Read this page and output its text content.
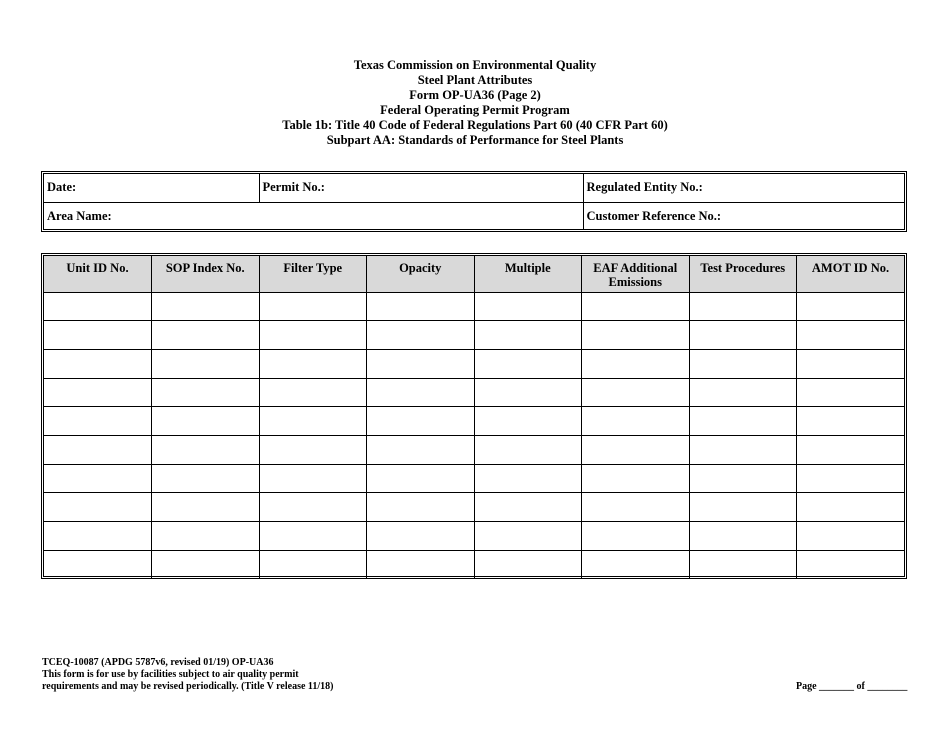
Texas Commission on Environmental Quality
Steel Plant Attributes
Form OP-UA36 (Page 2)
Federal Operating Permit Program
Table 1b: Title 40 Code of Federal Regulations Part 60 (40 CFR Part 60)
Subpart AA: Standards of Performance for Steel Plants
Date:	Permit No.:	Regulated Entity No.:
Area Name:		Customer Reference No.:
Unit ID No.	SOP Index No.	Filter Type	Opacity	Multiple	EAF Additional Emissions	Test Procedures	AMOT ID No.

TCEQ-10087 (APDG 5787v6, revised 01/19) OP-UA36
This form is for use by facilities subject to air quality permit
requirements and may be revised periodically. (Title V release 11/18)	Page _______ of ________
